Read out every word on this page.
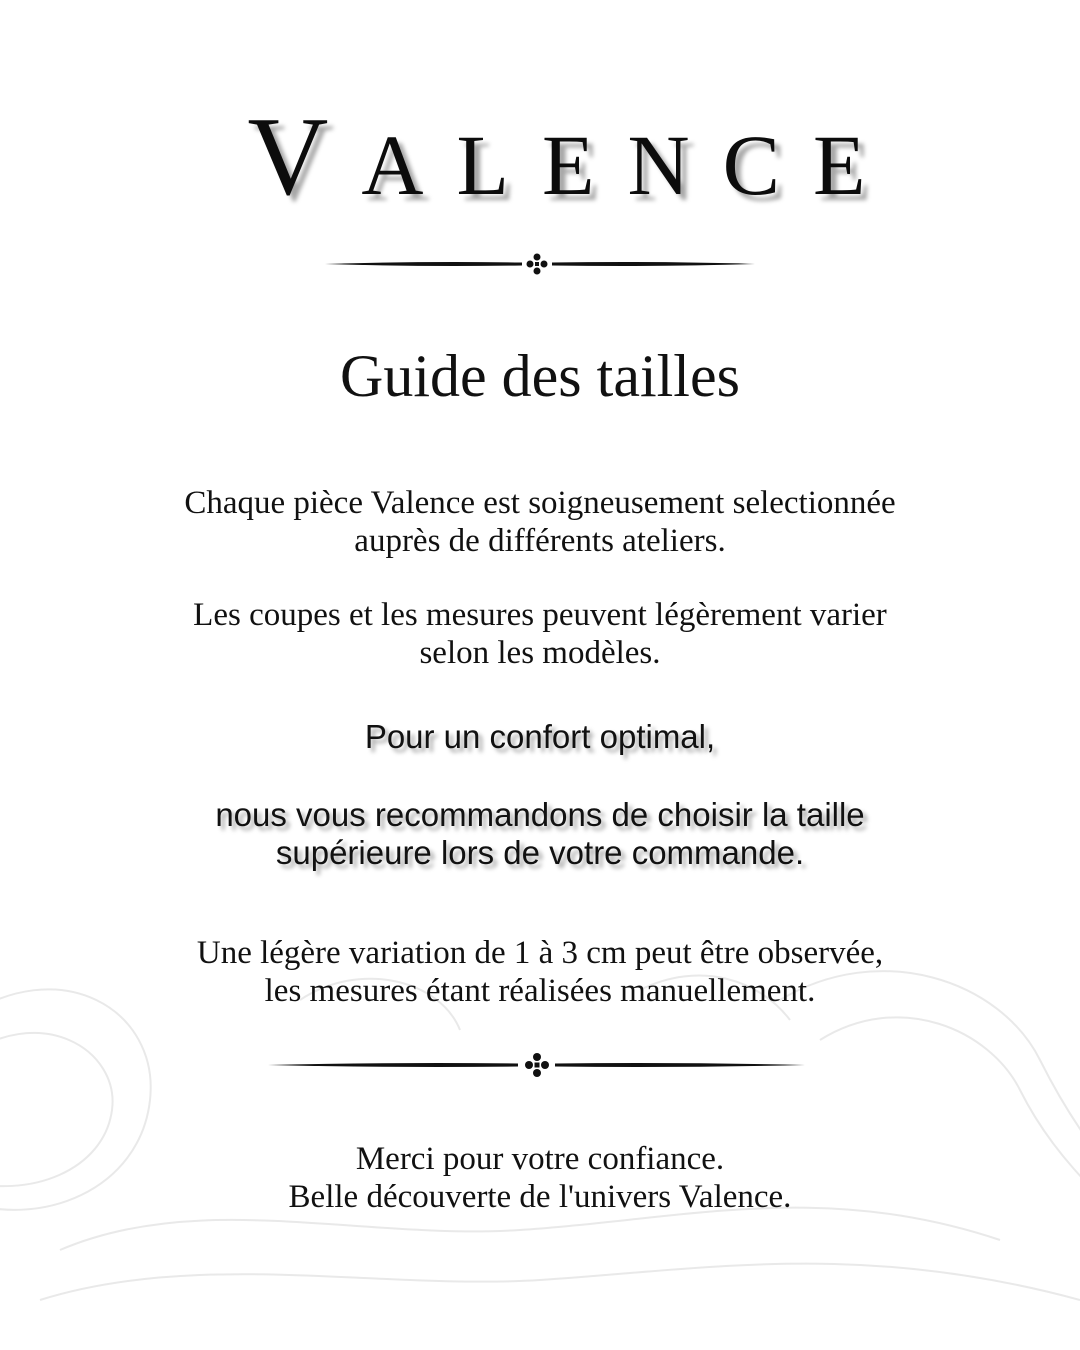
VALENCE
Guide des tailles
Chaque pièce Valence est soigneusement selectionnée
auprès de différents ateliers.
Les coupes et les mesures peuvent légèrement varier
selon les modèles.
Pour un confort optimal,
nous vous recommandons de choisir la taille
supérieure lors de votre commande.
Une légère variation de 1 à 3 cm peut être observée,
les mesures étant réalisées manuellement.
Merci pour votre confiance.
Belle découverte de l'univers Valence.
